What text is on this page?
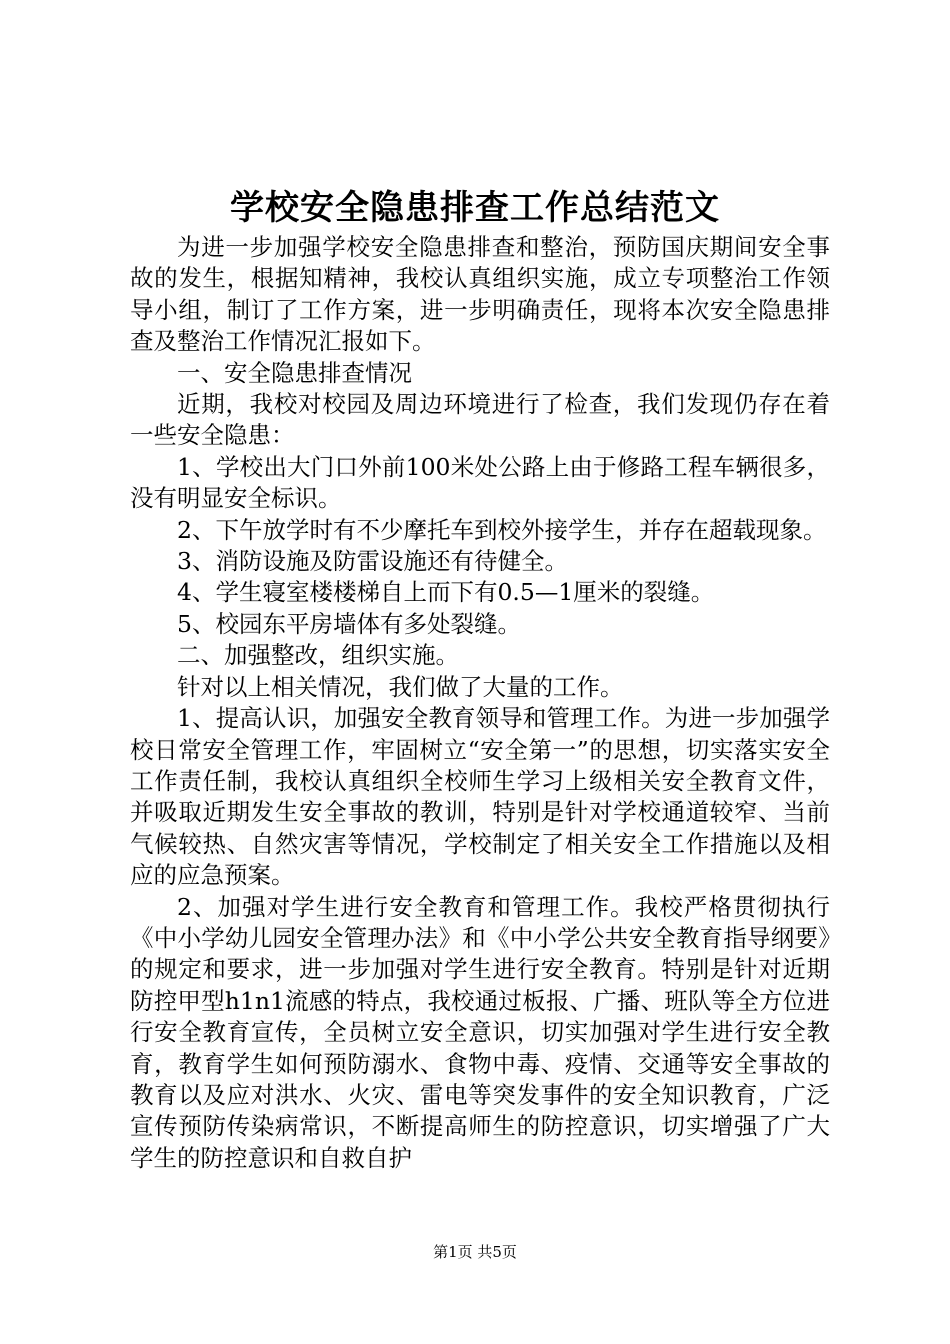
学校安全隐患排查工作总结范文

为进一步加强学校安全隐患排查和整治，预防国庆期间安全事故的发生，根据知精神，我校认真组织实施，成立专项整治工作领导小组，制订了工作方案，进一步明确责任，现将本次安全隐患排查及整治工作情况汇报如下。

一、安全隐患排查情况

近期，我校对校园及周边环境进行了检查，我们发现仍存在着一些安全隐患：

1、学校出大门口外前100米处公路上由于修路工程车辆很多，没有明显安全标识。

2、下午放学时有不少摩托车到校外接学生，并存在超载现象。

3、消防设施及防雷设施还有待健全。

4、学生寝室楼楼梯自上而下有0.5—1厘米的裂缝。

5、校园东平房墙体有多处裂缝。

二、加强整改，组织实施。

针对以上相关情况，我们做了大量的工作。

1、提高认识，加强安全教育领导和管理工作。为进一步加强学校日常安全管理工作，牢固树立“安全第一”的思想，切实落实安全工作责任制，我校认真组织全校师生学习上级相关安全教育文件，并吸取近期发生安全事故的教训，特别是针对学校通道较窄、当前气候较热、自然灾害等情况，学校制定了相关安全工作措施以及相应的应急预案。

2、加强对学生进行安全教育和管理工作。我校严格贯彻执行《中小学幼儿园安全管理办法》和《中小学公共安全教育指导纲要》的规定和要求，进一步加强对学生进行安全教育。特别是针对近期防控甲型h1n1流感的特点，我校通过板报、广播、班队等全方位进行安全教育宣传，全员树立安全意识，切实加强对学生进行安全教育，教育学生如何预防溺水、食物中毒、疫情、交通等安全事故的教育以及应对洪水、火灾、雷电等突发事件的安全知识教育，广泛宣传预防传染病常识，不断提高师生的防控意识，切实增强了广大学生的防控意识和自救自护

第1页 共5页
